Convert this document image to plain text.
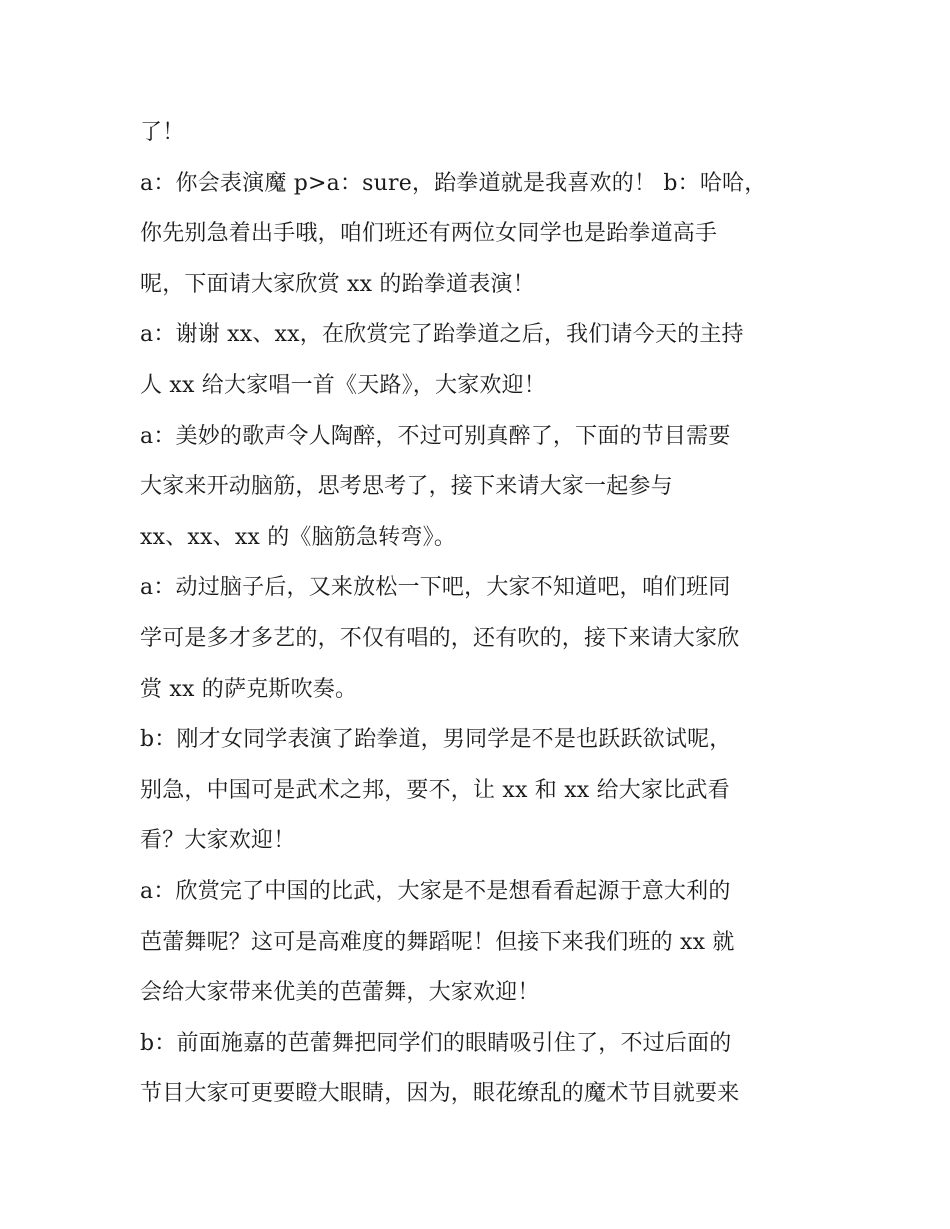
了！
a：你会表演魔 p>a：sure，跆拳道就是我喜欢的！ b：哈哈，
你先别急着出手哦，咱们班还有两位女同学也是跆拳道高手
呢，下面请大家欣赏 xx 的跆拳道表演！
a：谢谢 xx、xx，在欣赏完了跆拳道之后，我们请今天的主持
人 xx 给大家唱一首《天路》，大家欢迎！
a：美妙的歌声令人陶醉，不过可别真醉了，下面的节目需要
大家来开动脑筋，思考思考了，接下来请大家一起参与
xx、xx、xx 的《脑筋急转弯》。
a：动过脑子后，又来放松一下吧，大家不知道吧，咱们班同
学可是多才多艺的，不仅有唱的，还有吹的，接下来请大家欣
赏 xx 的萨克斯吹奏。
b：刚才女同学表演了跆拳道，男同学是不是也跃跃欲试呢，
别急，中国可是武术之邦，要不，让 xx 和 xx 给大家比武看
看？大家欢迎！
a：欣赏完了中国的比武，大家是不是想看看起源于意大利的
芭蕾舞呢？这可是高难度的舞蹈呢！但接下来我们班的 xx 就
会给大家带来优美的芭蕾舞，大家欢迎！
b：前面施嘉的芭蕾舞把同学们的眼睛吸引住了，不过后面的
节目大家可更要瞪大眼睛，因为，眼花缭乱的魔术节目就要来
